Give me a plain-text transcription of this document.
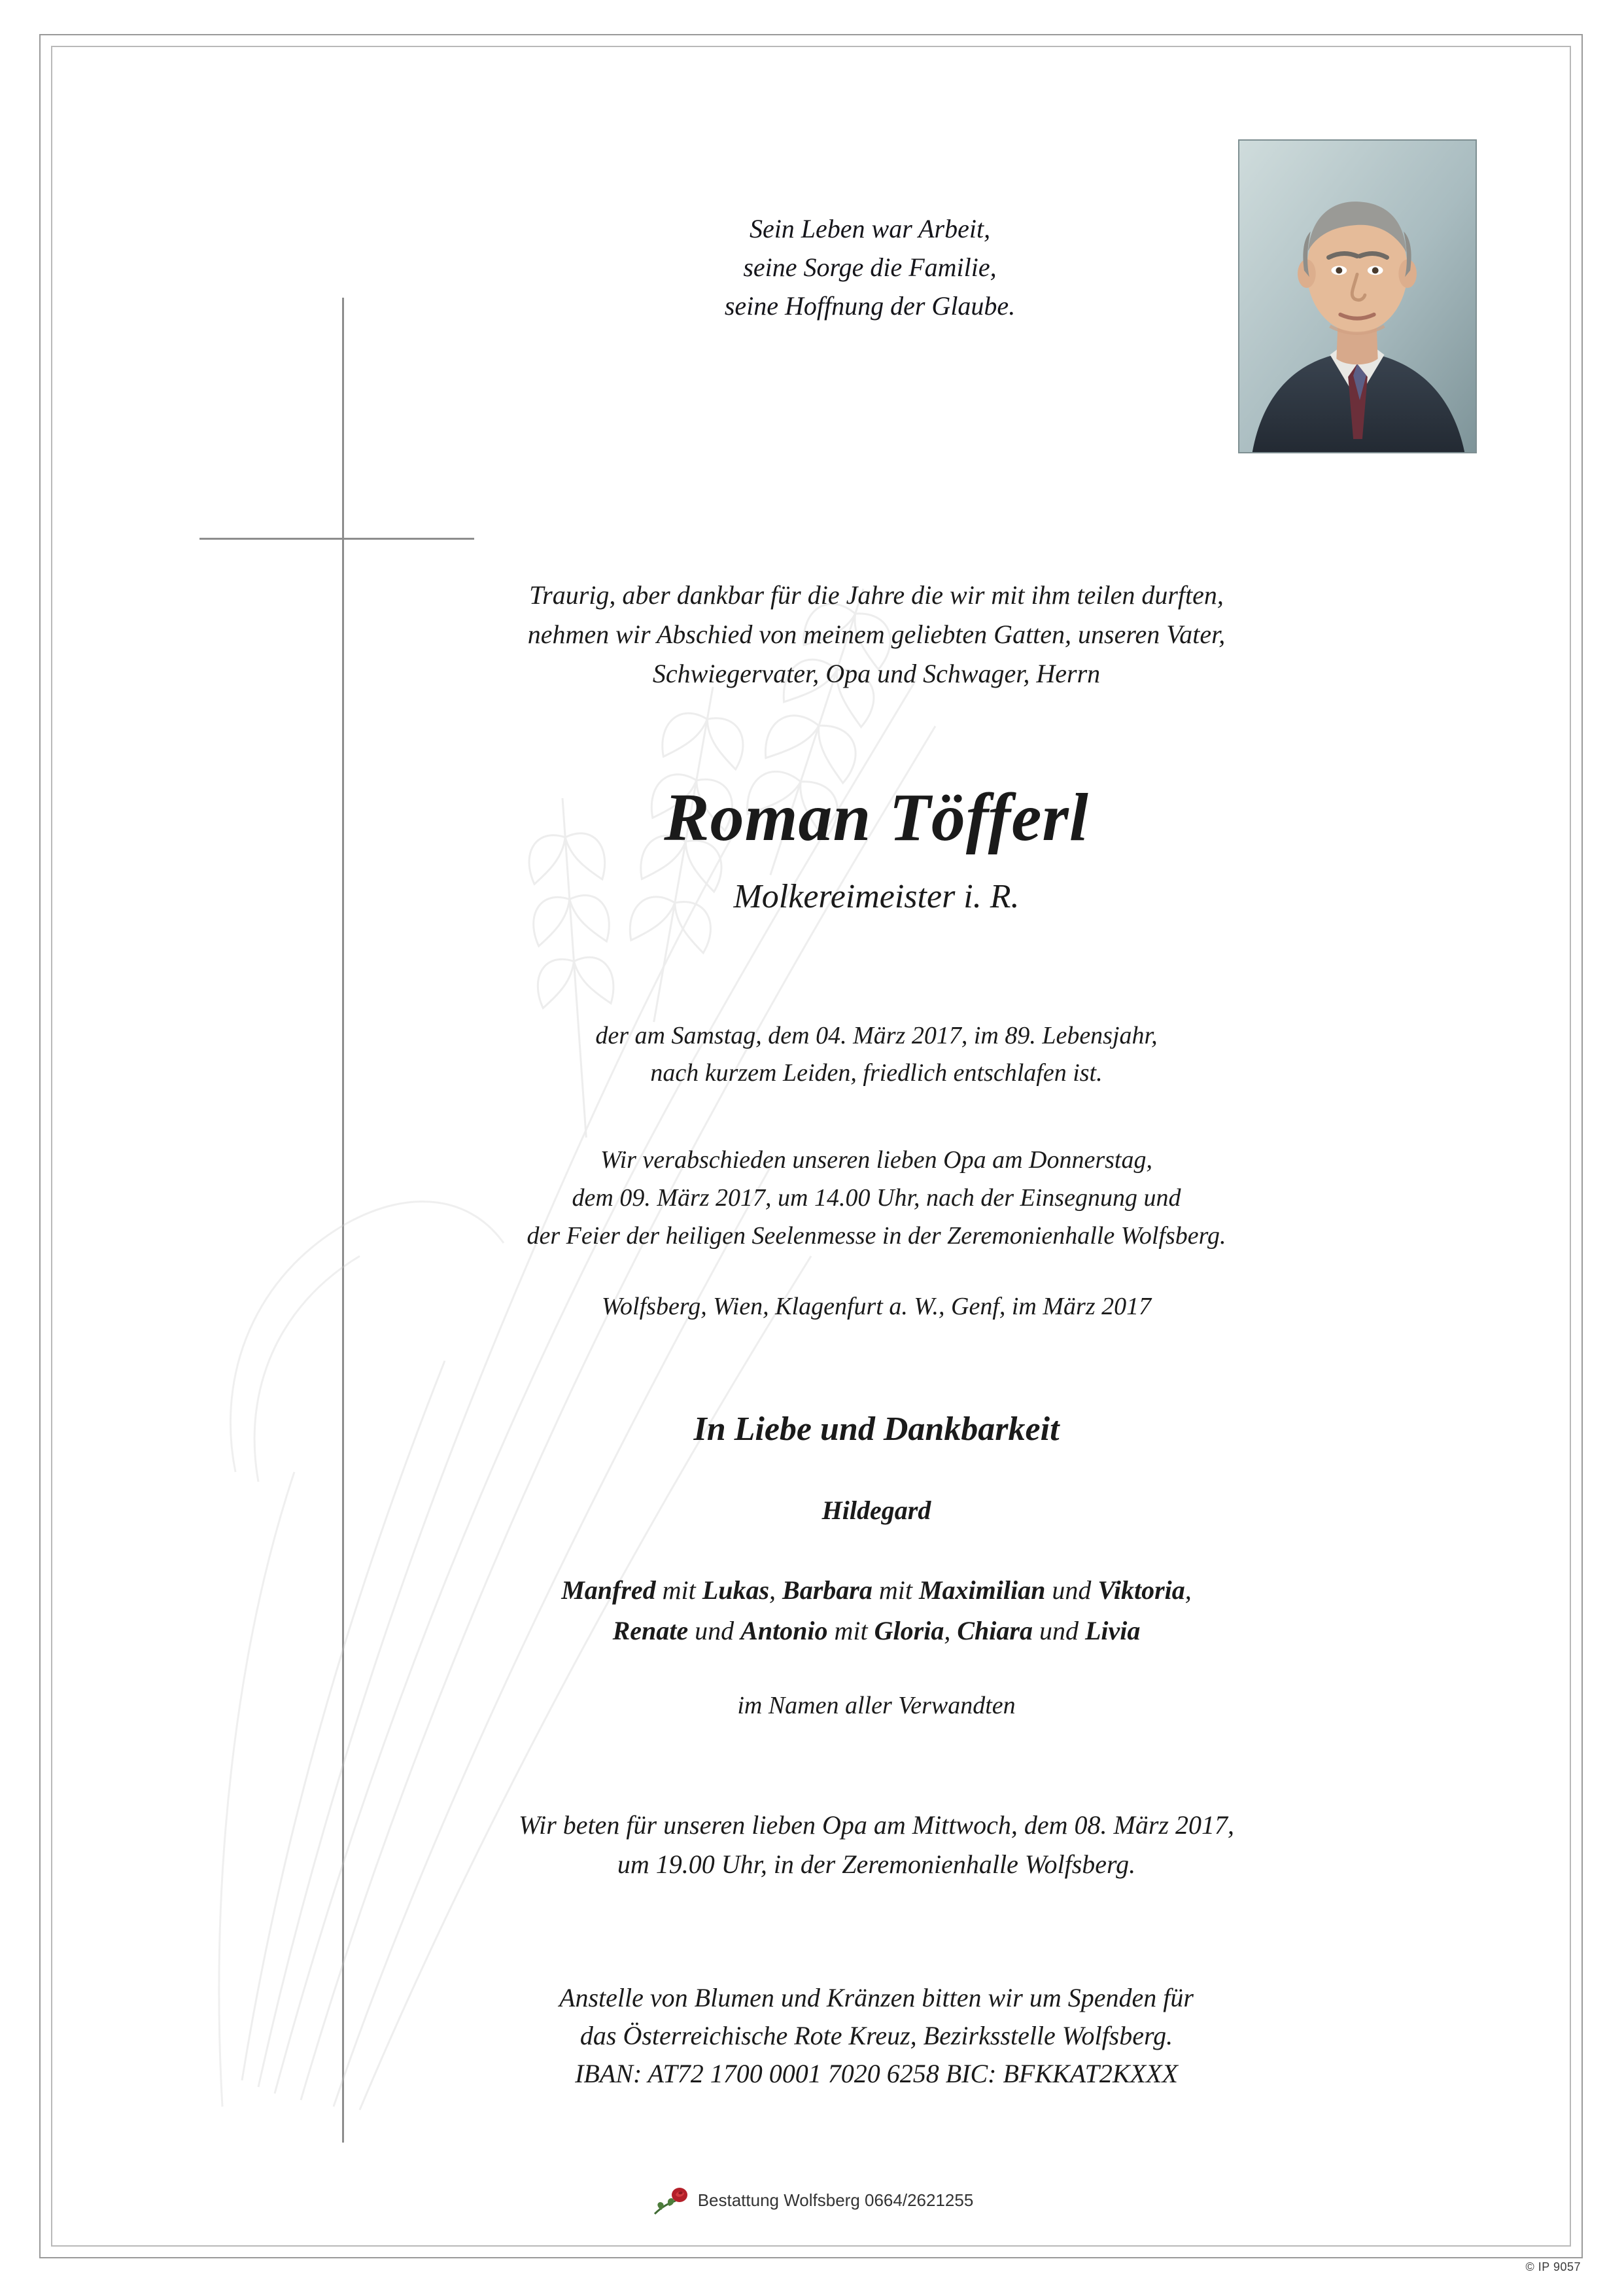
Sein Leben war Arbeit,
seine Sorge die Familie,
seine Hoffnung der Glaube.
Traurig, aber dankbar für die Jahre die wir mit ihm teilen durften,
nehmen wir Abschied von meinem geliebten Gatten, unseren Vater,
Schwiegervater, Opa und Schwager, Herrn
Roman Töfferl
Molkereimeister i. R.
der am Samstag, dem 04. März 2017, im 89. Lebensjahr,
nach kurzem Leiden, friedlich entschlafen ist.
Wir verabschieden unseren lieben Opa am Donnerstag,
dem 09. März 2017, um 14.00 Uhr, nach der Einsegnung und
der Feier der heiligen Seelenmesse in der Zeremonienhalle Wolfsberg.
Wolfsberg, Wien, Klagenfurt a. W., Genf, im März 2017
In Liebe und Dankbarkeit
Hildegard
Manfred mit Lukas, Barbara mit Maximilian und Viktoria,
Renate und Antonio mit Gloria, Chiara und Livia
im Namen aller Verwandten
Wir beten für unseren lieben Opa am Mittwoch, dem 08. März 2017,
um 19.00 Uhr, in der Zeremonienhalle Wolfsberg.
Anstelle von Blumen und Kränzen bitten wir um Spenden für
das Österreichische Rote Kreuz, Bezirksstelle Wolfsberg.
IBAN: AT72 1700 0001 7020 6258 BIC: BFKKAT2KXXX
Bestattung Wolfsberg 0664/2621255
© IP 9057
